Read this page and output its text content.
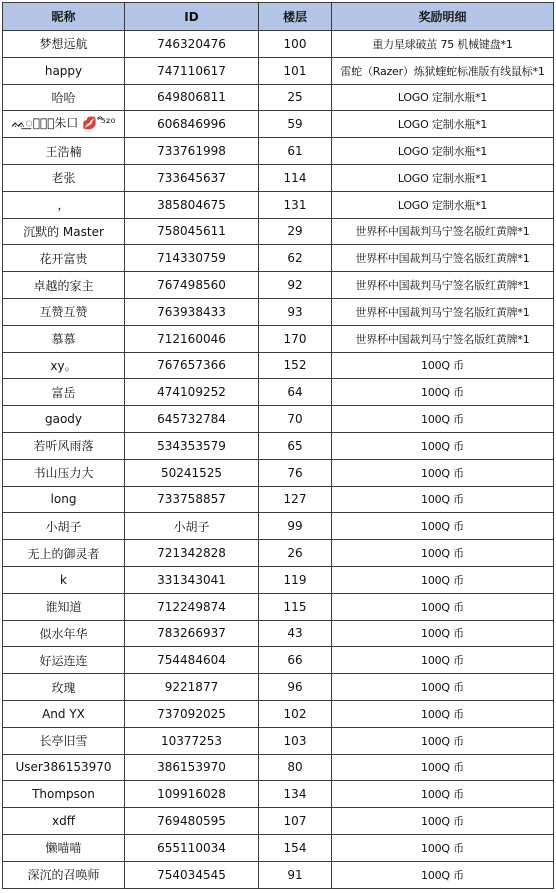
昵称	ID	楼层	奖励明细
梦想远航	746320476	100	重力星球破茧 75 机械键盘*1
happy	747110617	101	雷蛇（Razer）炼狱蝰蛇标准版有线鼠标*1
哈哈	649806811	25	LOGO 定制水瓶*1
ᨐ꯭𝆺꯭𝅥朱口 💋 ᩙ⁵²⁰	606846996	59	LOGO 定制水瓶*1
王浩楠	733761998	61	LOGO 定制水瓶*1
老张	733645637	114	LOGO 定制水瓶*1
，	385804675	131	LOGO 定制水瓶*1
沉默的 Master	758045611	29	世界杯中国裁判马宁签名版红黄牌*1
花开富贵	714330759	62	世界杯中国裁判马宁签名版红黄牌*1
卓越的家主	767498560	92	世界杯中国裁判马宁签名版红黄牌*1
互赞互赞	763938433	93	世界杯中国裁判马宁签名版红黄牌*1
慕慕	712160046	170	世界杯中国裁判马宁签名版红黄牌*1
xy。	767657366	152	100Q 币
富岳	474109252	64	100Q 币
gaody	645732784	70	100Q 币
若听风雨落	534353579	65	100Q 币
书山压力大	50241525	76	100Q 币
long	733758857	127	100Q 币
小胡子	小胡子	99	100Q 币
无上的御灵者	721342828	26	100Q 币
k	331343041	119	100Q 币
谁知道	712249874	115	100Q 币
似水年华	783266937	43	100Q 币
好运连连	754484604	66	100Q 币
玫瑰	9221877	96	100Q 币
And YX	737092025	102	100Q 币
长亭旧雪	10377253	103	100Q 币
User386153970	386153970	80	100Q 币
Thompson	109916028	134	100Q 币
xdff	769480595	107	100Q 币
懒喵喵	655110034	154	100Q 币
深沉的召唤师	754034545	91	100Q 币
